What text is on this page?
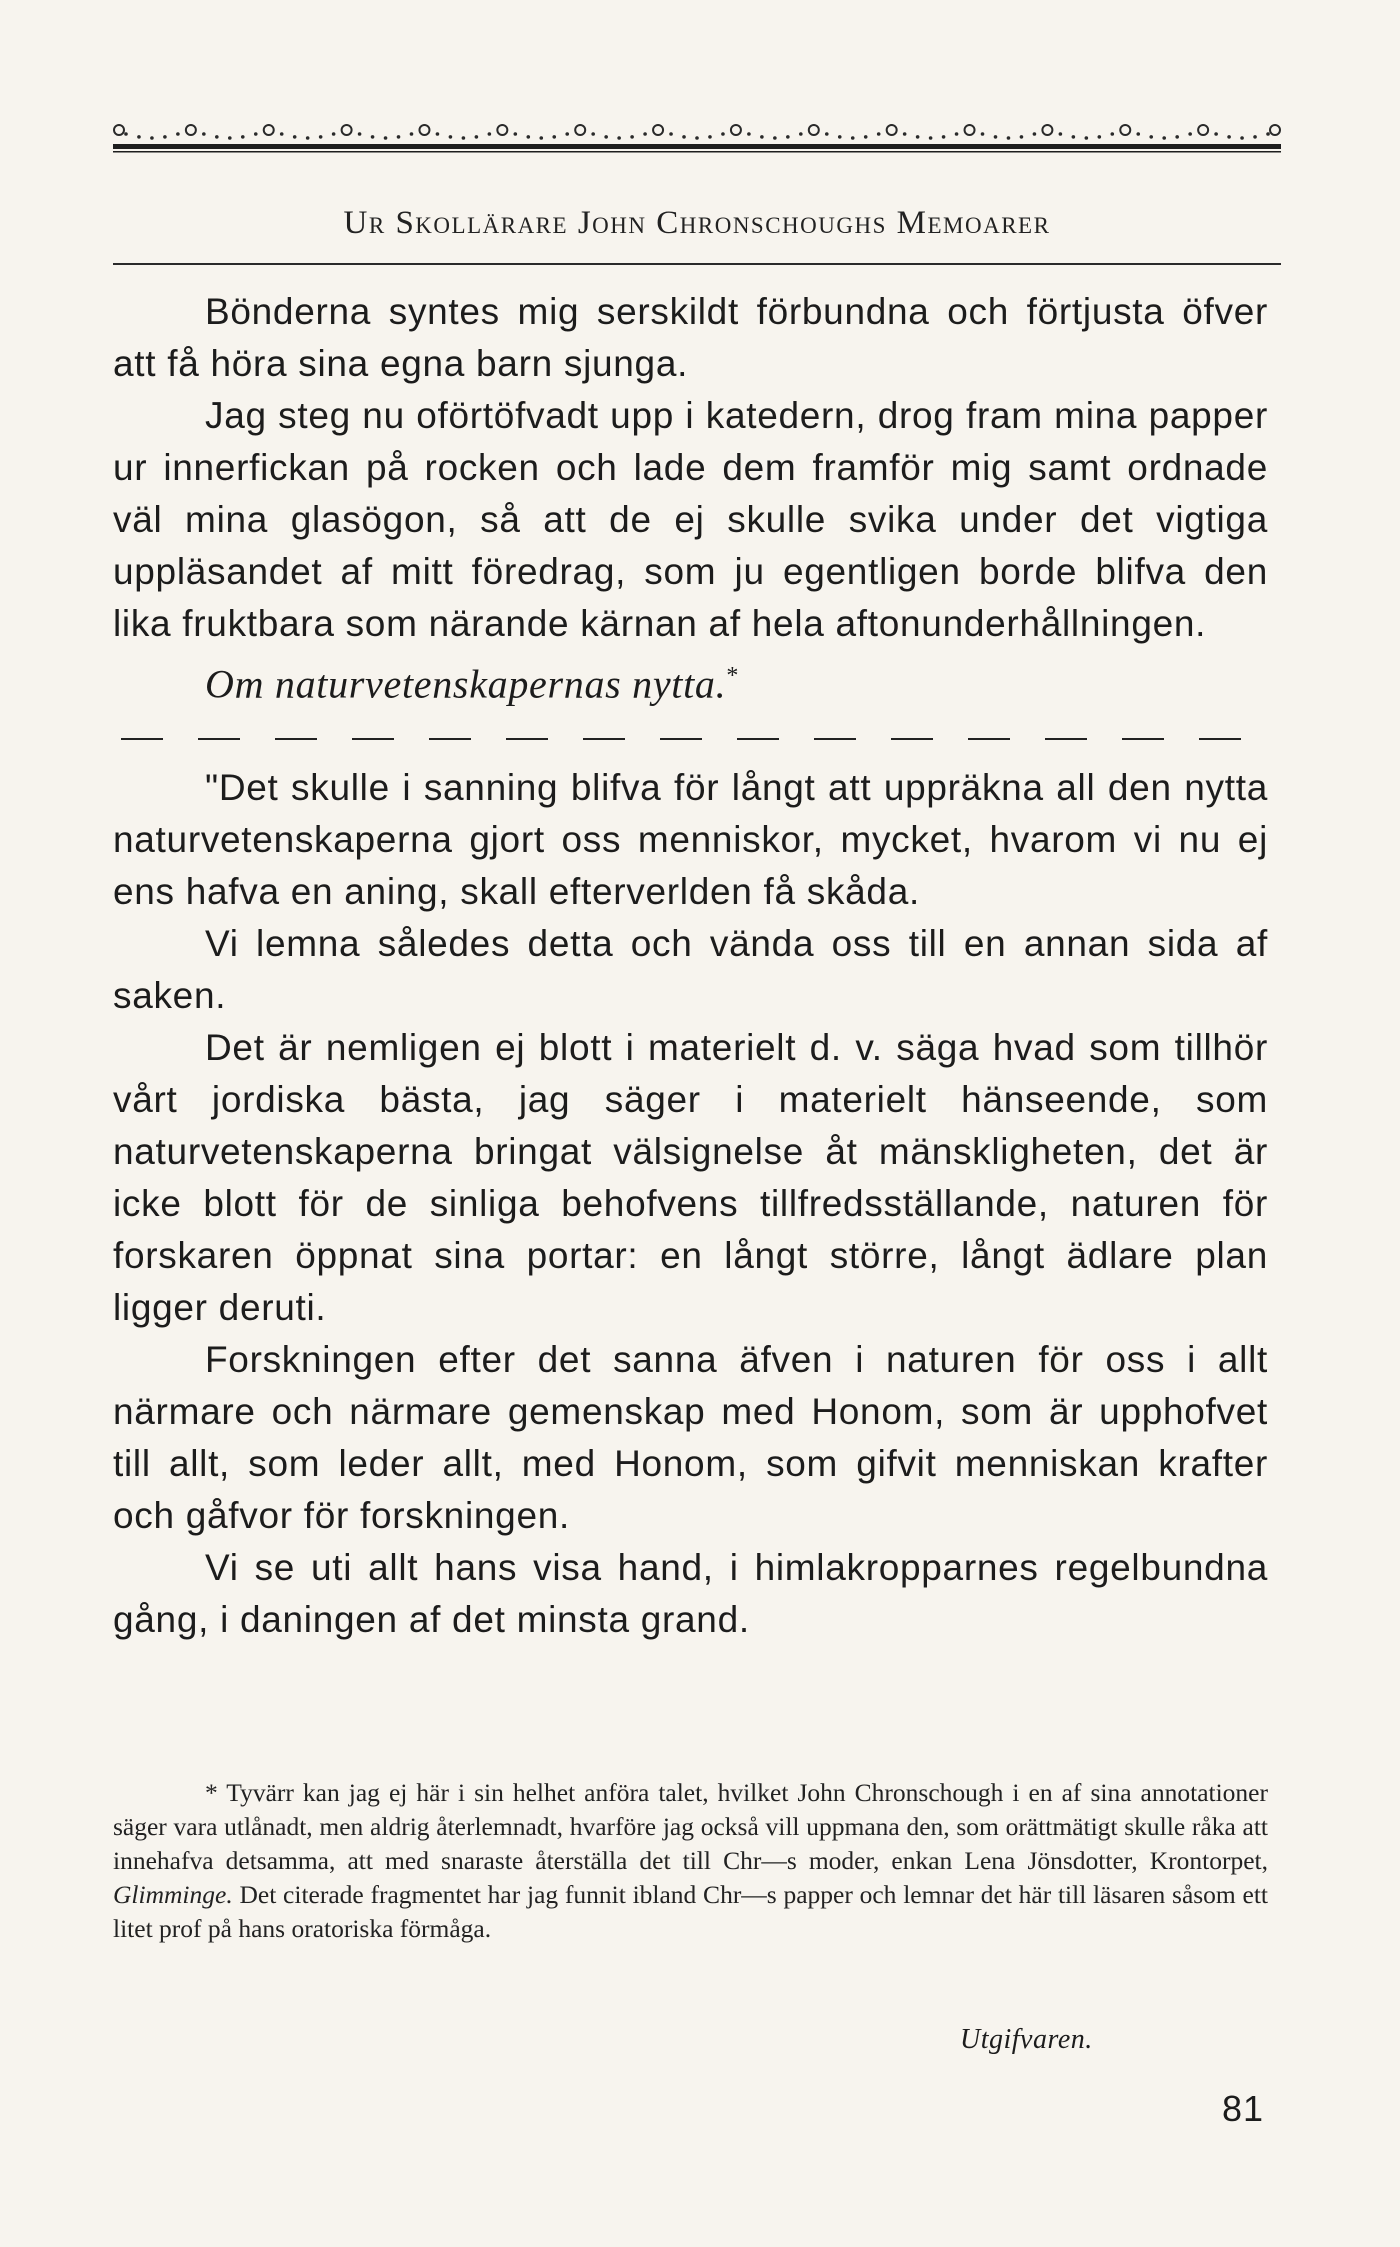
Ur Skollärare John Chronschoughs Memoarer

Bönderna syntes mig serskildt förbundna och förtjusta öfver att få höra sina egna barn sjunga.

Jag steg nu oförtöfvadt upp i katedern, drog fram mina papper ur innerfickan på rocken och lade dem framför mig samt ordnade väl mina glasögon, så att de ej skulle svika under det vigtiga uppläsandet af mitt föredrag, som ju egentligen borde blifva den lika fruktbara som närande kärnan af hela aftonunderhållningen.

Om naturvetenskapernas nytta.*

"Det skulle i sanning blifva för långt att uppräkna all den nytta naturvetenskaperna gjort oss menniskor, mycket, hvarom vi nu ej ens hafva en aning, skall efterverlden få skåda.

Vi lemna således detta och vända oss till en annan sida af saken.

Det är nemligen ej blott i materielt d. v. säga hvad som tillhör vårt jordiska bästa, jag säger i materielt hänseende, som naturvetenskaperna bringat välsignelse åt mänskligheten, det är icke blott för de sinliga behofvens tillfredsställande, naturen för forskaren öppnat sina portar: en långt större, långt ädlare plan ligger deruti.

Forskningen efter det sanna äfven i naturen för oss i allt närmare och närmare gemenskap med Honom, som är upphofvet till allt, som leder allt, med Honom, som gifvit menniskan krafter och gåfvor för forskningen.

Vi se uti allt hans visa hand, i himlakropparnes regelbundna gång, i daningen af det minsta grand.

* Tyvärr kan jag ej här i sin helhet anföra talet, hvilket John Chronschough i en af sina annotationer säger vara utlånadt, men aldrig återlemnadt, hvarföre jag också vill uppmana den, som orättmätigt skulle råka att innehafva detsamma, att med snaraste återställa det till Chr—s moder, enkan Lena Jönsdotter, Krontorpet, Glimminge. Det citerade fragmentet har jag funnit ibland Chr—s papper och lemnar det här till läsaren såsom ett litet prof på hans oratoriska förmåga.

Utgifvaren.
81
